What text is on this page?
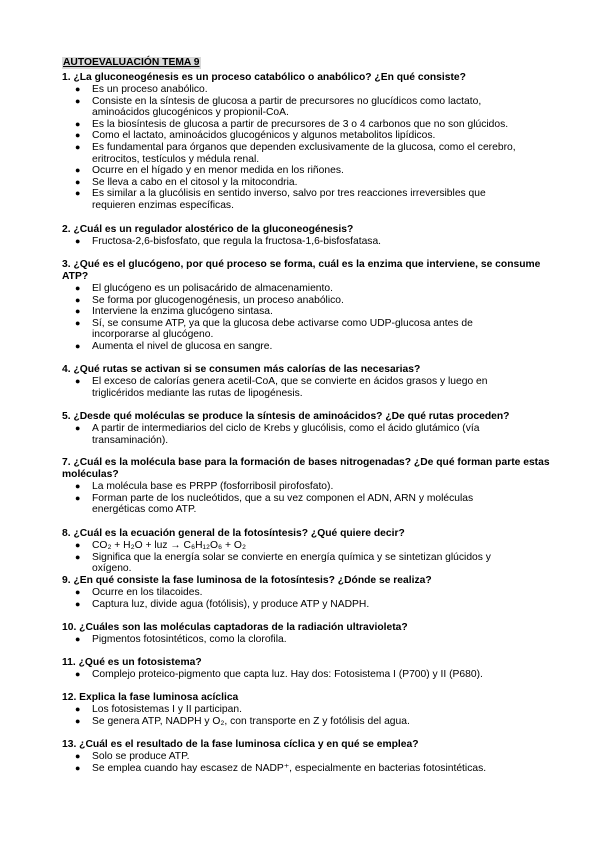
AUTOEVALUACIÓN TEMA 9
1. ¿La gluconeogénesis es un proceso catabólico o anabólico? ¿En qué consiste?
● Es un proceso anabólico.
● Consiste en la síntesis de glucosa a partir de precursores no glucídicos como lactato, aminoácidos glucogénicos y propionil-CoA.
● Es la biosíntesis de glucosa a partir de precursores de 3 o 4 carbonos que no son glúcidos.
● Como el lactato, aminoácidos glucogénicos y algunos metabolitos lipídicos.
● Es fundamental para órganos que dependen exclusivamente de la glucosa, como el cerebro, eritrocitos, testículos y médula renal.
● Ocurre en el hígado y en menor medida en los riñones.
● Se lleva a cabo en el citosol y la mitocondria.
● Es similar a la glucólisis en sentido inverso, salvo por tres reacciones irreversibles que requieren enzimas específicas.
2. ¿Cuál es un regulador alostérico de la gluconeogénesis?
● Fructosa-2,6-bisfosfato, que regula la fructosa-1,6-bisfosfatasa.
3. ¿Qué es el glucógeno, por qué proceso se forma, cuál es la enzima que interviene, se consume ATP?
● El glucógeno es un polisacárido de almacenamiento.
● Se forma por glucogenogénesis, un proceso anabólico.
● Interviene la enzima glucógeno sintasa.
● Sí, se consume ATP, ya que la glucosa debe activarse como UDP-glucosa antes de incorporarse al glucógeno.
● Aumenta el nivel de glucosa en sangre.
4. ¿Qué rutas se activan si se consumen más calorías de las necesarias?
● El exceso de calorías genera acetil-CoA, que se convierte en ácidos grasos y luego en triglicéridos mediante las rutas de lipogénesis.
5. ¿Desde qué moléculas se produce la síntesis de aminoácidos? ¿De qué rutas proceden?
● A partir de intermediarios del ciclo de Krebs y glucólisis, como el ácido glutámico (vía transaminación).
7. ¿Cuál es la molécula base para la formación de bases nitrogenadas? ¿De qué forman parte estas moléculas?
● La molécula base es PRPP (fosforribosil pirofosfato).
● Forman parte de los nucleótidos, que a su vez componen el ADN, ARN y moléculas energéticas como ATP.
8. ¿Cuál es la ecuación general de la fotosíntesis? ¿Qué quiere decir?
● CO₂ + H₂O + luz → C₆H₁₂O₆ + O₂
● Significa que la energía solar se convierte en energía química y se sintetizan glúcidos y oxígeno.
9. ¿En qué consiste la fase luminosa de la fotosíntesis? ¿Dónde se realiza?
● Ocurre en los tilacoides.
● Captura luz, divide agua (fotólisis), y produce ATP y NADPH.
10. ¿Cuáles son las moléculas captadoras de la radiación ultravioleta?
● Pigmentos fotosintéticos, como la clorofila.
11. ¿Qué es un fotosistema?
● Complejo proteico-pigmento que capta luz. Hay dos: Fotosistema I (P700) y II (P680).
12. Explica la fase luminosa acíclica
● Los fotosistemas I y II participan.
● Se genera ATP, NADPH y O₂, con transporte en Z y fotólisis del agua.
13. ¿Cuál es el resultado de la fase luminosa cíclica y en qué se emplea?
● Solo se produce ATP.
● Se emplea cuando hay escasez de NADP⁺, especialmente en bacterias fotosintéticas.
